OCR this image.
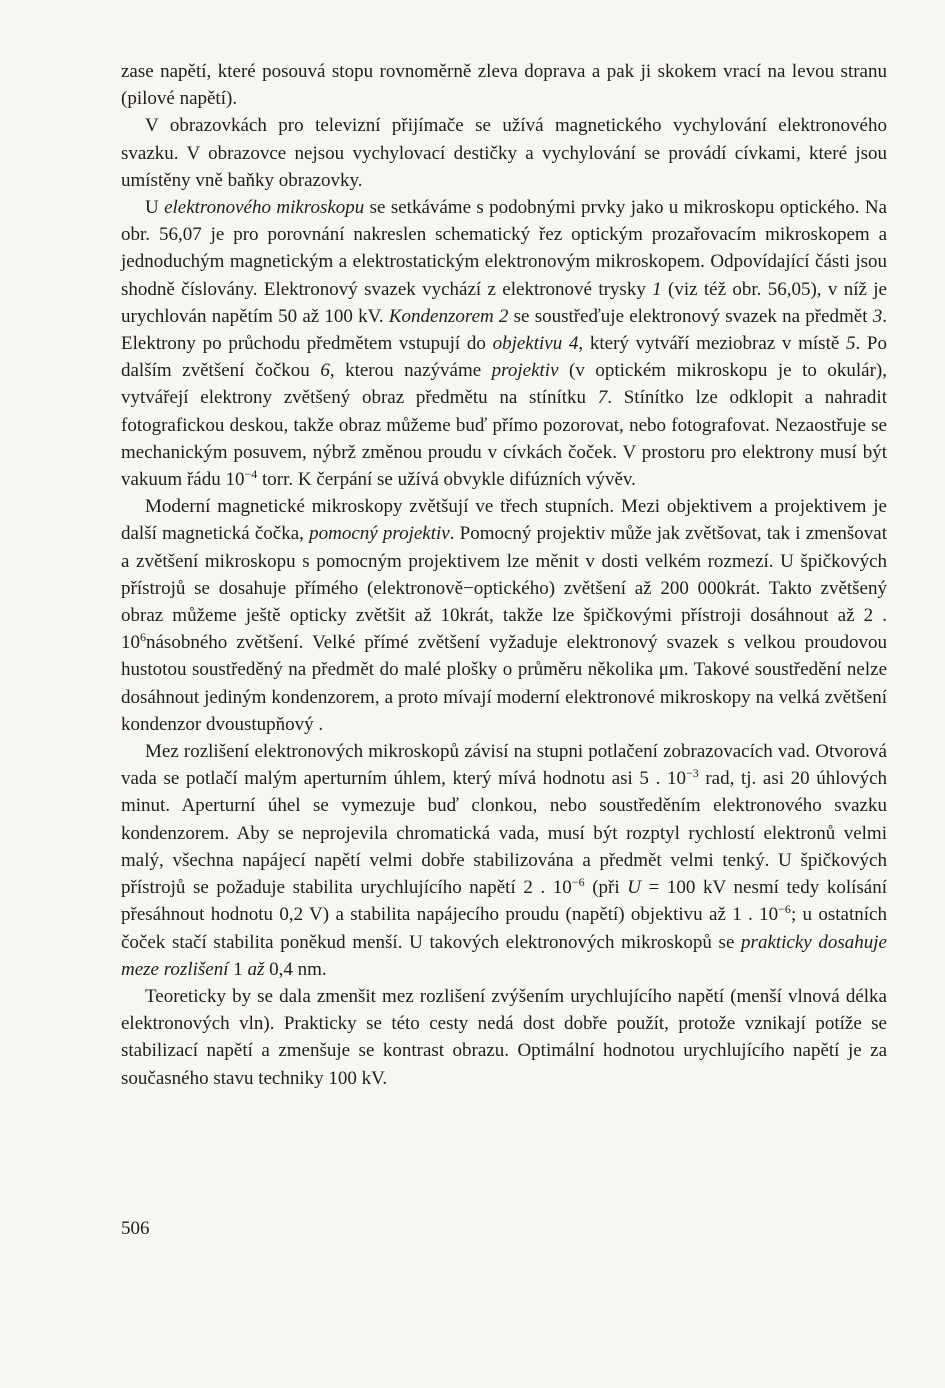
zase napětí, které posouvá stopu rovnoměrně zleva doprava a pak ji skokem vrací na levou stranu (pilové napětí).

V obrazovkách pro televizní přijímače se užívá magnetického vychylování elektronového svazku. V obrazovce nejsou vychylovací destičky a vychylování se provádí cívkami, které jsou umístěny vně baňky obrazovky.

U elektronového mikroskopu se setkáváme s podobnými prvky jako u mikroskopu optického. Na obr. 56,07 je pro porovnání nakreslen schematický řez optickým prozařovacím mikroskopem a jednoduchým magnetickým a elektrostatickým elektronovým mikroskopem. Odpovídající části jsou shodně číslovány. Elektronový svazek vychází z elektronové trysky 1 (viz též obr. 56,05), v níž je urychlován napětím 50 až 100 kV. Kondenzorem 2 se soustřeďuje elektronový svazek na předmět 3. Elektrony po průchodu předmětem vstupují do objektivu 4, který vytváří meziobraz v místě 5. Po dalším zvětšení čočkou 6, kterou nazýváme projektiv (v optickém mikroskopu je to okulár), vytvářejí elektrony zvětšený obraz předmětu na stínítku 7. Stínítko lze odklopit a nahradit fotografickou deskou, takže obraz můžeme buď přímo pozorovat, nebo fotografovat. Nezaostřuje se mechanickým posuvem, nýbrž změnou proudu v cívkách čoček. V prostoru pro elektrony musí být vakuum řádu $10^{-4}$ torr. K čerpání se užívá obvykle difúzních vývěv.

Moderní magnetické mikroskopy zvětšují ve třech stupních. Mezi objektivem a projektivem je další magnetická čočka, pomocný projektiv. Pomocný projektiv může jak zvětšovat, tak i zmenšovat a zvětšení mikroskopu s pomocným projektivem lze měnit v dosti velkém rozmezí. U špičkových přístrojů se dosahuje přímého (elektronově−optického) zvětšení až 200 000krát. Takto zvětšený obraz můžeme ještě opticky zvětšit až 10krát, takže lze špičkovými přístroji dosáhnout až 2 . $10^6násobného$ zvětšení. Velké přímé zvětšení vyžaduje elektronový svazek s velkou proudovou hustotou soustředěný na předmět do malé plošky o průměru několika μm. Takové soustředění nelze dosáhnout jediným kondenzorem, a proto mívají moderní elektronové mikroskopy na velká zvětšení kondenzor dvoustupňový .

Mez rozlišení elektronových mikroskopů závisí na stupni potlačení zobrazovacích vad. Otvorová vada se potlačí malým aperturním úhlem, který mívá hodnotu asi 5 . $10^{-3}$ rad, tj. asi 20 úhlových minut. Aperturní úhel se vymezuje buď clonkou, nebo soustředěním elektronového svazku kondenzorem. Aby se neprojevila chromatická vada, musí být rozptyl rychlostí elektronů velmi malý, všechna napájecí napětí velmi dobře stabilizována a předmět velmi tenký. U špičkových přístrojů se požaduje stabilita urychlujícího napětí 2 . $10^{-6}$ (při U = 100 kV nesmí tedy kolísání přesáhnout hodnotu 0,2 V) a stabilita napájecího proudu (napětí) objektivu až 1 . $10^{-6}$; u ostatních čoček stačí stabilita poněkud menší. U takových elektronových mikroskopů se prakticky dosahuje meze rozlišení 1 až 0,4 nm.

Teoreticky by se dala zmenšit mez rozlišení zvýšením urychlujícího napětí (menší vlnová délka elektronových vln). Prakticky se této cesty nedá dost dobře použít, protože vznikají potíže se stabilizací napětí a zmenšuje se kontrast obrazu. Optimální hodnotou urychlujícího napětí je za současného stavu techniky 100 kV.

506
